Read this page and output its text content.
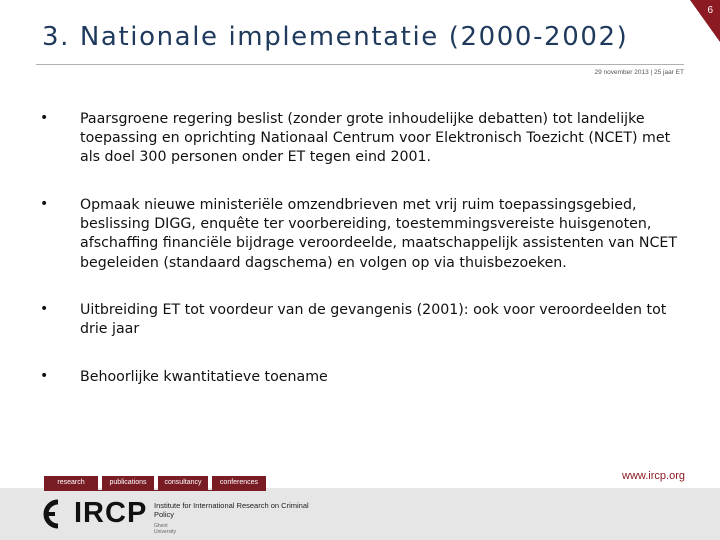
6
3. Nationale implementatie (2000-2002)
29 november 2013 | 25 jaar ET
• Paarsgroene regering beslist (zonder grote inhoudelijke debatten) tot landelijke toepassing en oprichting Nationaal Centrum voor Elektronisch Toezicht (NCET) met als doel 300 personen onder ET tegen eind 2001.
• Opmaak nieuwe ministeriële omzendbrieven met vrij ruim toepassingsgebied, beslissing DIGG, enquête ter voorbereiding, toestemmingsvereiste huisgenoten, afschaffing financiële bijdrage veroordeelde, maatschappelijk assistenten van NCET begeleiden (standaard dagschema) en volgen op via thuisbezoeken.
• Uitbreiding ET tot voordeur van de gevangenis (2001): ook voor veroordeelden tot drie jaar
• Behoorlijke kwantitatieve toename
research	publications	consultancy	conferences
www.ircp.org
IRCP Institute for International Research on Criminal Policy
Ghent University
